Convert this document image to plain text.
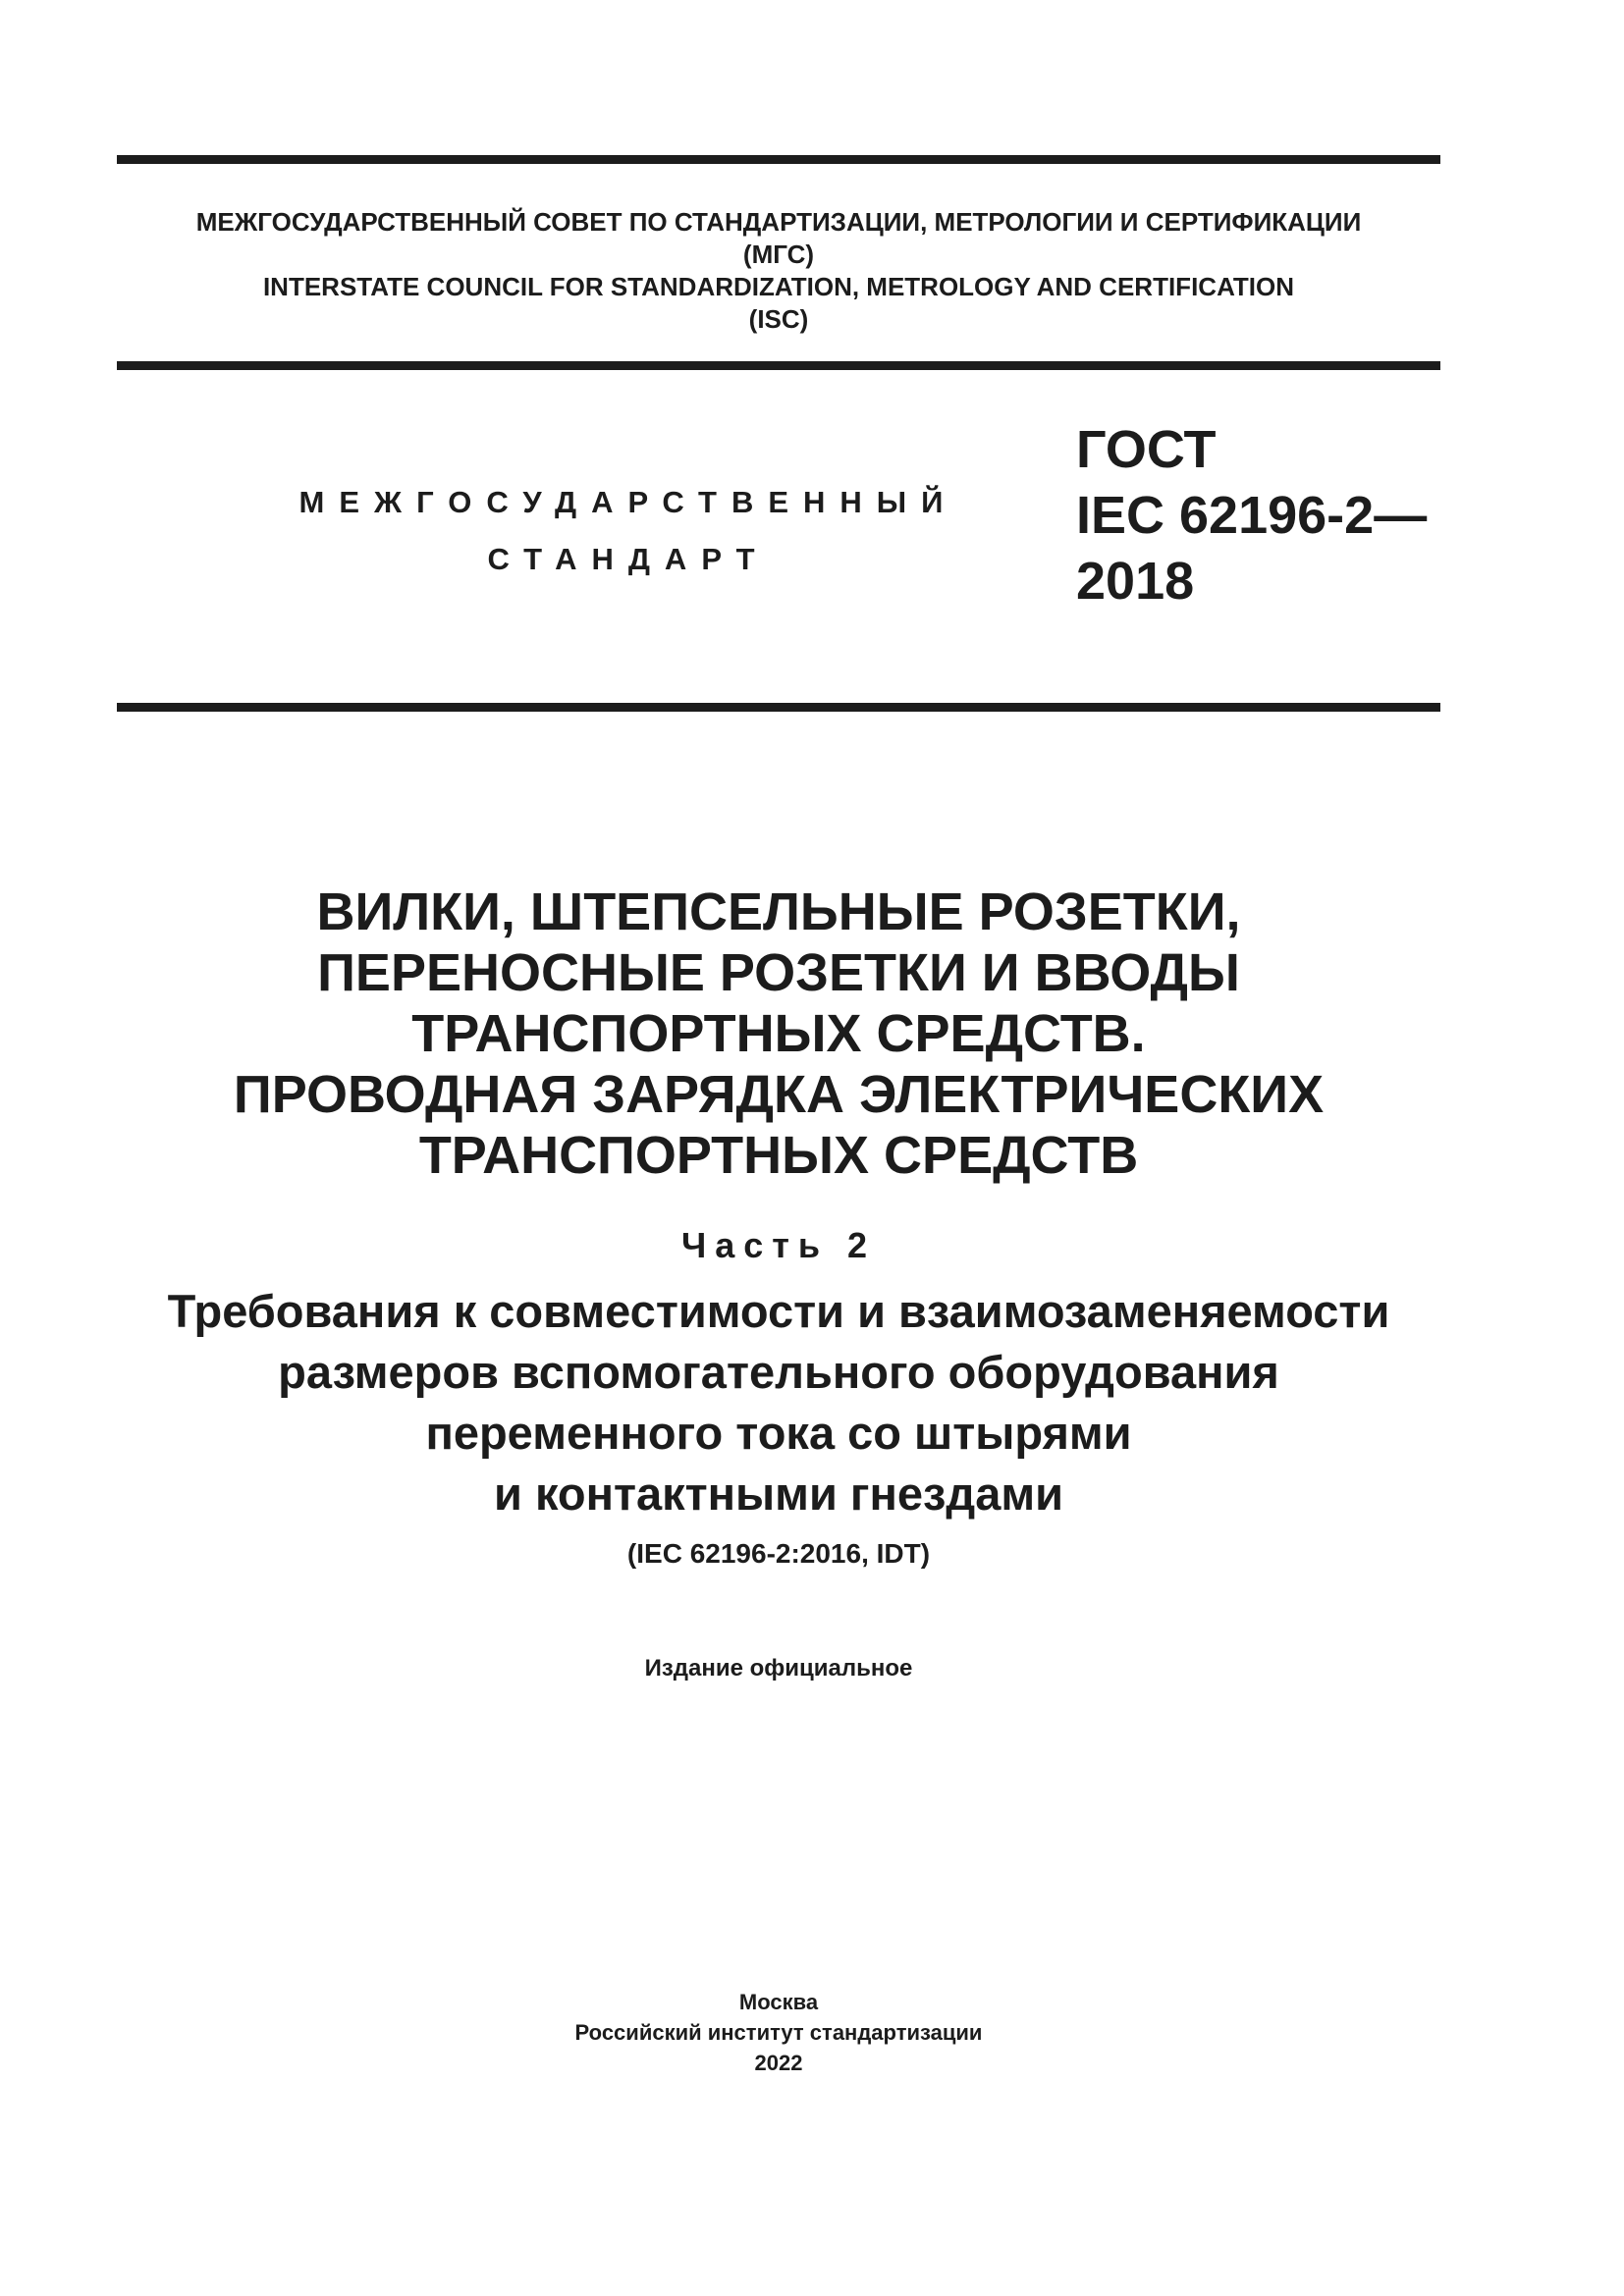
МЕЖГОСУДАРСТВЕННЫЙ СОВЕТ ПО СТАНДАРТИЗАЦИИ, МЕТРОЛОГИИ И СЕРТИФИКАЦИИ
(МГС)
INTERSTATE COUNCIL FOR STANDARDIZATION, METROLOGY AND CERTIFICATION
(ISC)
МЕЖГОСУДАРСТВЕННЫЙ
СТАНДАРТ
ГОСТ
IEC 62196-2—
2018
ВИЛКИ, ШТЕПСЕЛЬНЫЕ РОЗЕТКИ,
ПЕРЕНОСНЫЕ РОЗЕТКИ И ВВОДЫ
ТРАНСПОРТНЫХ СРЕДСТВ.
ПРОВОДНАЯ ЗАРЯДКА ЭЛЕКТРИЧЕСКИХ
ТРАНСПОРТНЫХ СРЕДСТВ
Часть 2
Требования к совместимости и взаимозаменяемости
размеров вспомогательного оборудования
переменного тока со штырями
и контактными гнездами
(IEC 62196-2:2016, IDT)
Издание официальное
Москва
Российский институт стандартизации
2022
